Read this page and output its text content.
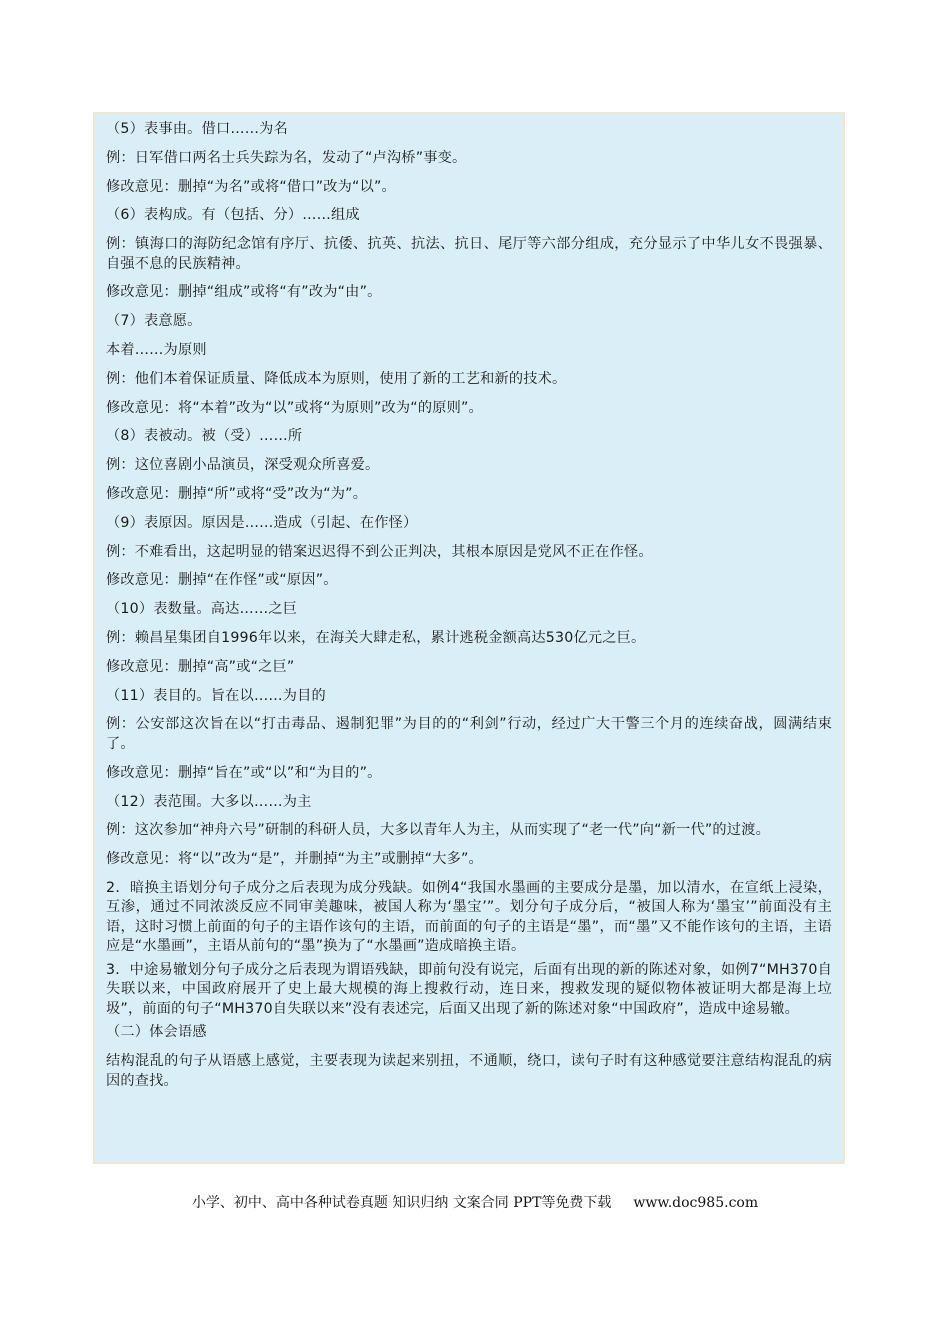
（5）表事由。借口……为名
例：日军借口两名士兵失踪为名，发动了“卢沟桥”事变。
修改意见：删掉“为名”或将“借口”改为“以”。
（6）表构成。有（包括、分）……组成
例：镇海口的海防纪念馆有序厅、抗倭、抗英、抗法、抗日、尾厅等六部分组成，充分显示了中华儿女不畏强暴、自强不息的民族精神。
修改意见：删掉“组成”或将“有”改为“由”。
（7）表意愿。
本着……为原则
例：他们本着保证质量、降低成本为原则，使用了新的工艺和新的技术。
修改意见：将“本着”改为“以”或将“为原则”改为“的原则”。
（8）表被动。被（受）……所
例：这位喜剧小品演员，深受观众所喜爱。
修改意见：删掉“所”或将“受”改为“为”。
（9）表原因。原因是……造成（引起、在作怪）
例：不难看出，这起明显的错案迟迟得不到公正判决，其根本原因是党风不正在作怪。
修改意见：删掉“在作怪”或“原因”。
（10）表数量。高达……之巨
例：赖昌星集团自1996年以来，在海关大肆走私，累计逃税金额高达530亿元之巨。
修改意见：删掉“高”或“之巨”
（11）表目的。旨在以……为目的
例：公安部这次旨在以“打击毒品、遏制犯罪”为目的的“利剑”行动，经过广大干警三个月的连续奋战，圆满结束了。
修改意见：删掉“旨在”或“以”和“为目的”。
（12）表范围。大多以……为主
例：这次参加“神舟六号”研制的科研人员，大多以青年人为主，从而实现了“老一代”向“新一代”的过渡。
修改意见：将“以”改为“是”，并删掉“为主”或删掉“大多”。
2．暗换主语划分句子成分之后表现为成分残缺。如例4“我国水墨画的主要成分是墨，加以清水，在宣纸上浸染，互渗，通过不同浓淡反应不同审美趣味，被国人称为‘墨宝’”。划分句子成分后，“被国人称为‘墨宝’”前面没有主语，这时习惯上前面的句子的主语作该句的主语，而前面的句子的主语是“墨”，而“墨”又不能作该句的主语，主语应是“水墨画”，主语从前句的“墨”换为了“水墨画”造成暗换主语。
3．中途易辙划分句子成分之后表现为谓语残缺，即前句没有说完，后面有出现的新的陈述对象，如例7“MH370自失联以来，中国政府展开了史上最大规模的海上搜救行动，连日来，搜救发现的疑似物体被证明大都是海上垃圾”，前面的句子“MH370自失联以来”没有表述完，后面又出现了新的陈述对象“中国政府”，造成中途易辙。
（二）体会语感
结构混乱的句子从语感上感觉，主要表现为读起来别扭，不通顺，绕口，读句子时有这种感觉要注意结构混乱的病因的查找。
小学、初中、高中各种试卷真题 知识归纳 文案合同 PPT等免费下载 www.doc985.com
